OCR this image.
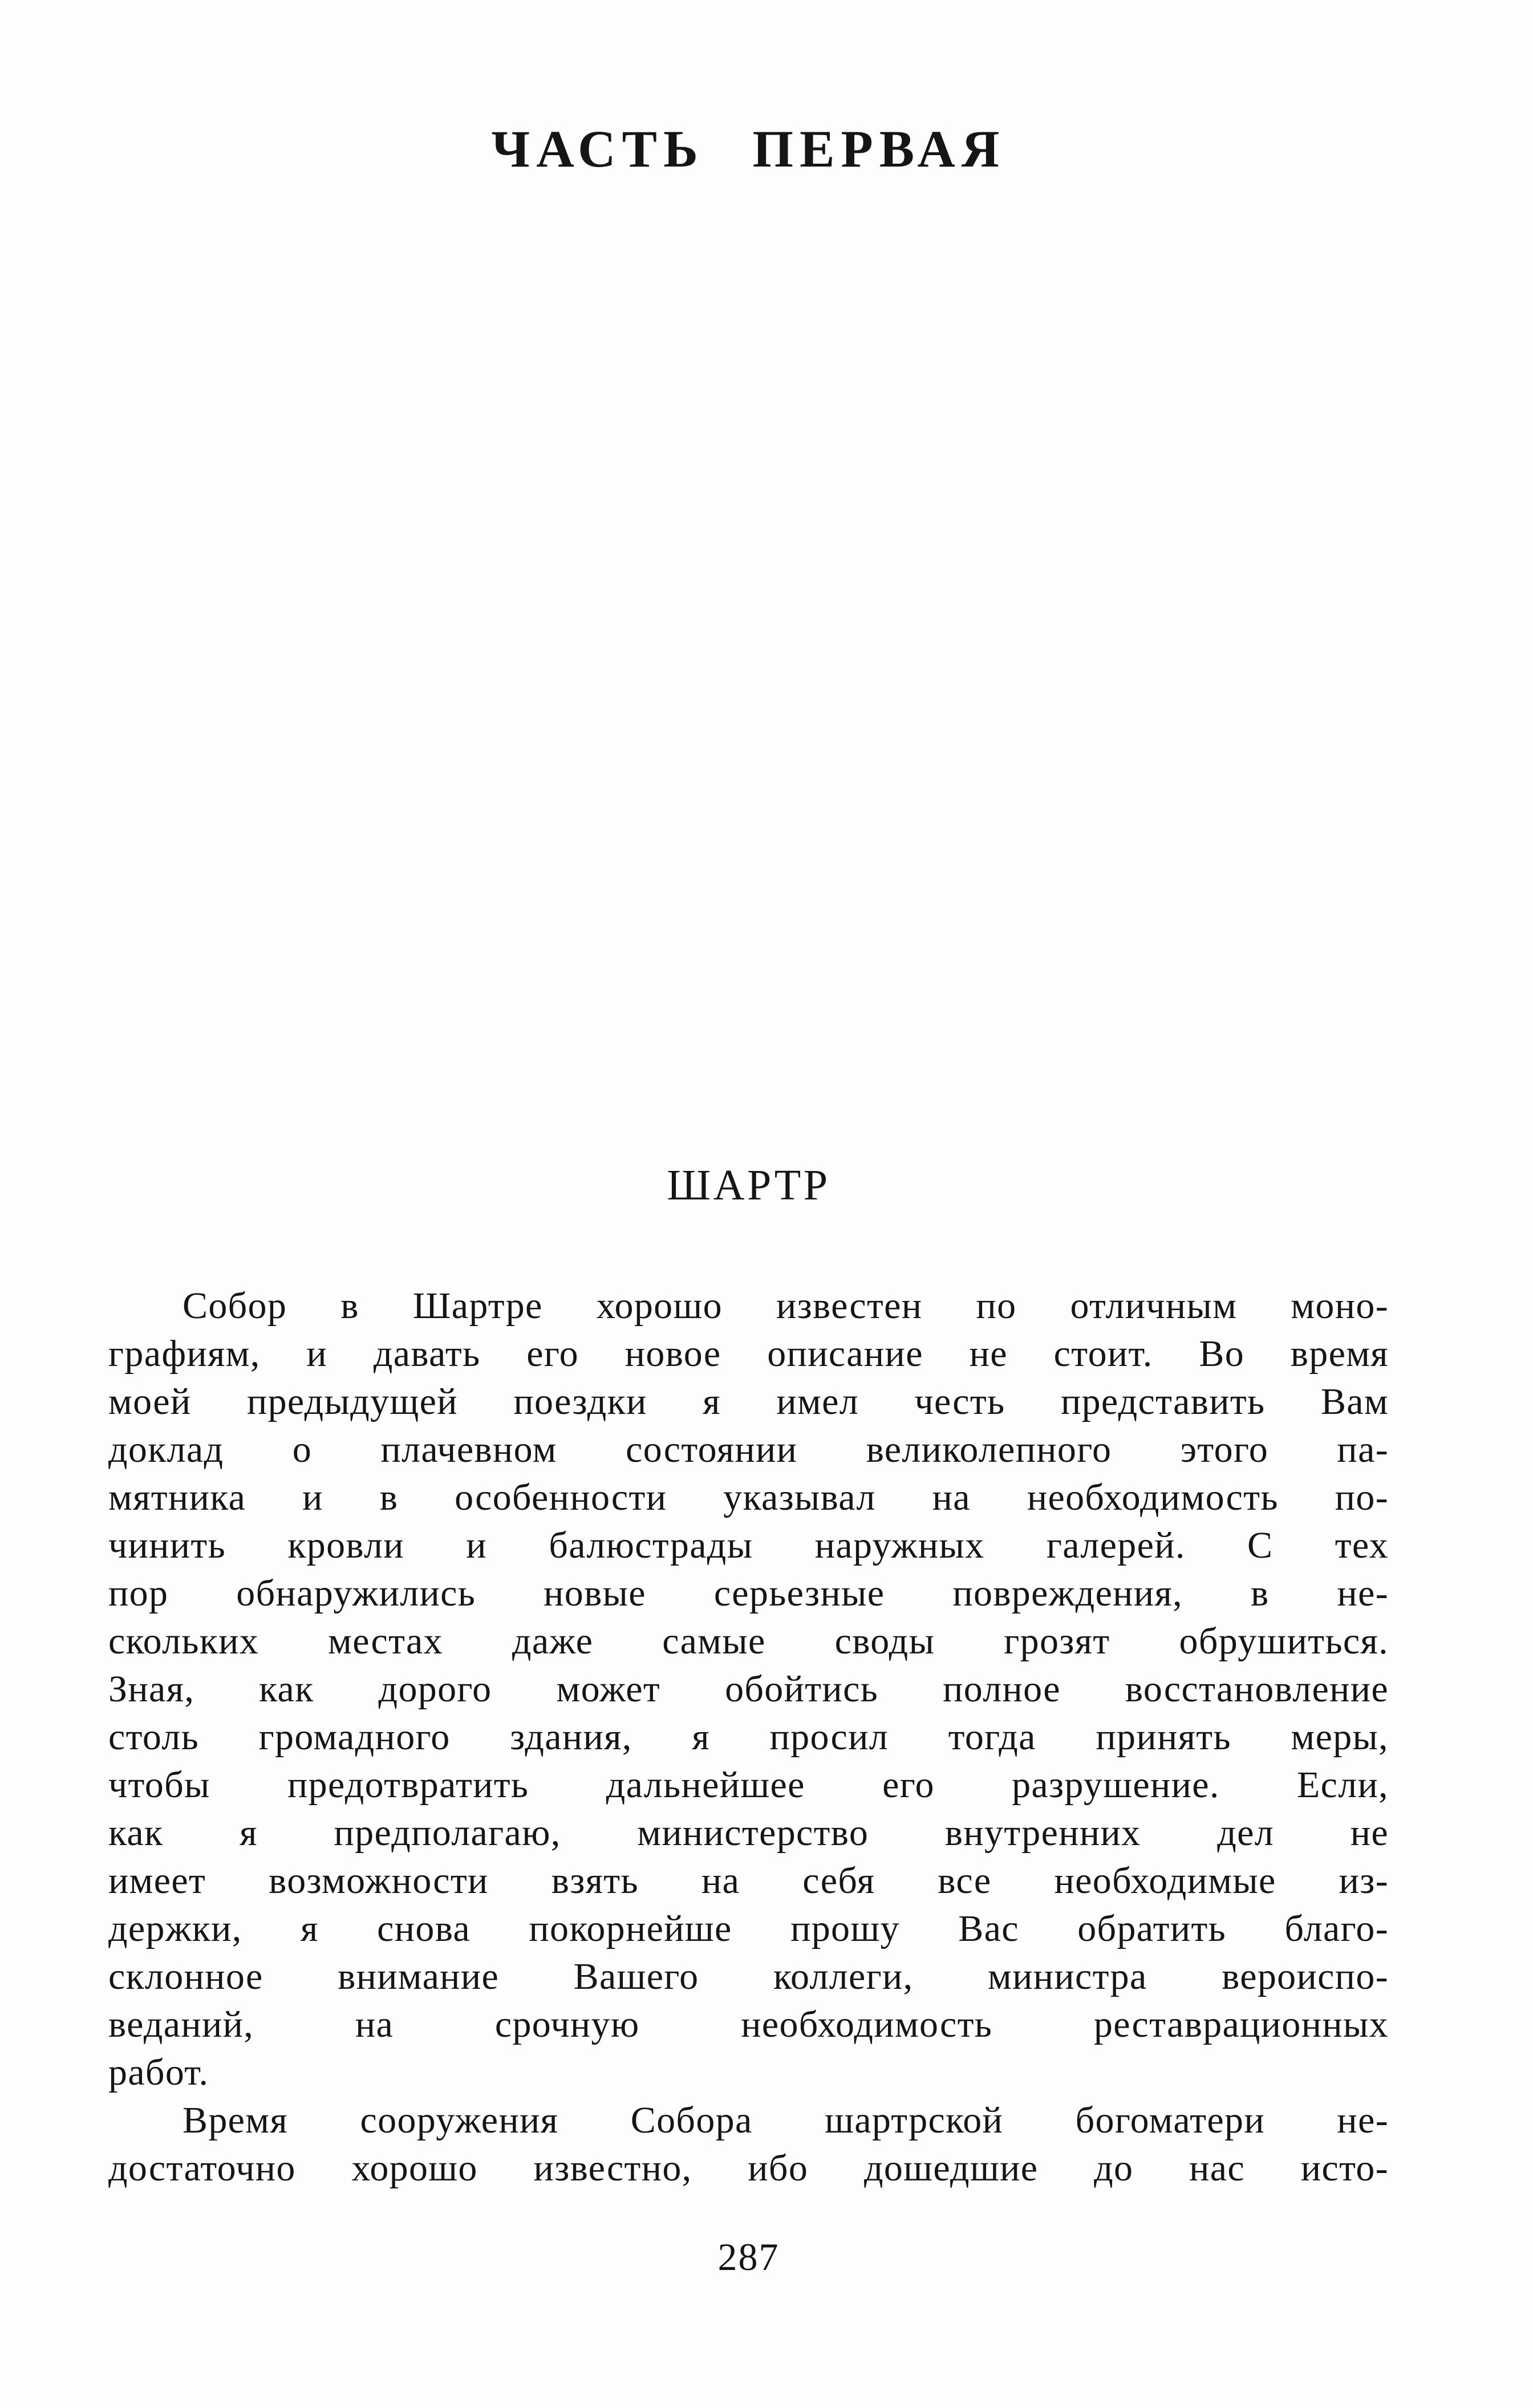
ЧАСТЬ ПЕРВАЯ
ШАРТР
Собор в Шартре хорошо известен по отличным моно-
графиям, и давать его новое описание не стоит. Во время
моей предыдущей поездки я имел честь представить Вам
доклад о плачевном состоянии великолепного этого па-
мятника и в особенности указывал на необходимость по-
чинить кровли и балюстрады наружных галерей. С тех
пор обнаружились новые серьезные повреждения, в не-
скольких местах даже самые своды грозят обрушиться.
Зная, как дорого может обойтись полное восстановление
столь громадного здания, я просил тогда принять меры,
чтобы предотвратить дальнейшее его разрушение. Если,
как я предполагаю, министерство внутренних дел не
имеет возможности взять на себя все необходимые из-
держки, я снова покорнейше прошу Вас обратить благо-
склонное внимание Вашего коллеги, министра вероиспо-
веданий, на срочную необходимость реставрационных
работ.
Время сооружения Собора шартрской богоматери не-
достаточно хорошо известно, ибо дошедшие до нас исто-
287
